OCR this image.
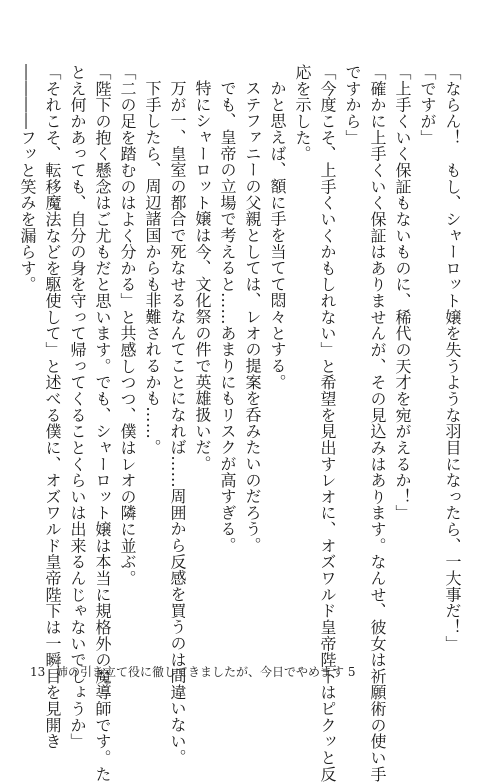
「ならん！　もし、シャーロット嬢を失うような羽目になったら、一大事だ！」

「ですが」

「上手くいく保証もないものに、稀代の天才を宛がえるか！」

「確かに上手くいく保証はありませんが、その見込みはあります。なんせ、彼女は祈願術の使い手

ですから」

「今度こそ、上手くいくかもしれない」と希望を見出すレオに、オズワルド皇帝陛下はピクッと反

応を示した。

かと思えば、額に手を当てて悶々とする。

ステファニーの父親としては、レオの提案を呑みたいのだろう。

でも、皇帝の立場で考えると……あまりにもリスクが高すぎる。

特にシャーロット嬢は今、文化祭の件で英雄扱いだ。

万が一、皇室の都合で死なせるなんてことになれば……周囲から反感を買うのは間違いない。

下手したら、周辺諸国からも非難されるかも……。

「二の足を踏むのはよく分かる」と共感しつつ、僕はレオの隣に並ぶ。

「陛下の抱く懸念はご尤もだと思います。でも、シャーロット嬢は本当に規格外の魔導師です。た

とえ何かあっても、自分の身を守って帰ってくることくらいは出来るんじゃないでしょうか」

「それこそ、転移魔法などを駆使して」と述べる僕に、オズワルド皇帝陛下は一瞬目を見開き

――――フッと笑みを漏らす。

13 姉の引き立て役に徹してきましたが、今日でやめます 5
